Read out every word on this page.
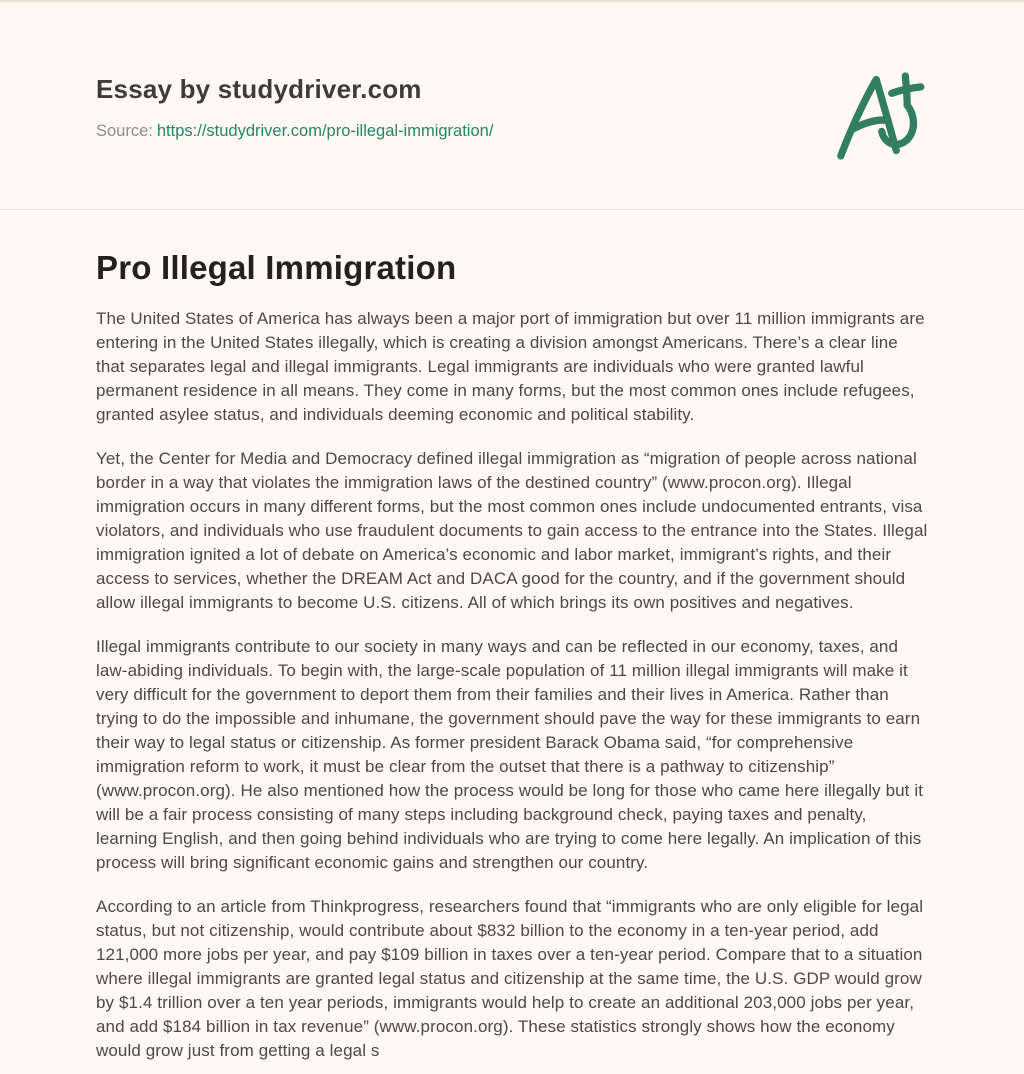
Essay by studydriver.com
Source: https://studydriver.com/pro-illegal-immigration/
Pro Illegal Immigration

The United States of America has always been a major port of immigration but over 11 million immigrants are entering in the United States illegally, which is creating a division amongst Americans. There’s a clear line that separates legal and illegal immigrants. Legal immigrants are individuals who were granted lawful permanent residence in all means. They come in many forms, but the most common ones include refugees, granted asylee status, and individuals deeming economic and political stability.

Yet, the Center for Media and Democracy defined illegal immigration as “migration of people across national border in a way that violates the immigration laws of the destined country” (www.procon.org). Illegal immigration occurs in many different forms, but the most common ones include undocumented entrants, visa violators, and individuals who use fraudulent documents to gain access to the entrance into the States. Illegal immigration ignited a lot of debate on America’s economic and labor market, immigrant’s rights, and their access to services, whether the DREAM Act and DACA good for the country, and if the government should allow illegal immigrants to become U.S. citizens. All of which brings its own positives and negatives.

Illegal immigrants contribute to our society in many ways and can be reflected in our economy, taxes, and law-abiding individuals. To begin with, the large-scale population of 11 million illegal immigrants will make it very difficult for the government to deport them from their families and their lives in America. Rather than trying to do the impossible and inhumane, the government should pave the way for these immigrants to earn their way to legal status or citizenship. As former president Barack Obama said, “for comprehensive immigration reform to work, it must be clear from the outset that there is a pathway to citizenship” (www.procon.org). He also mentioned how the process would be long for those who came here illegally but it will be a fair process consisting of many steps including background check, paying taxes and penalty, learning English, and then going behind individuals who are trying to come here legally. An implication of this process will bring significant economic gains and strengthen our country.

According to an article from Thinkprogress, researchers found that “immigrants who are only eligible for legal status, but not citizenship, would contribute about $832 billion to the economy in a ten-year period, add 121,000 more jobs per year, and pay $109 billion in taxes over a ten-year period. Compare that to a situation where illegal immigrants are granted legal status and citizenship at the same time, the U.S. GDP would grow by $1.4 trillion over a ten year periods, immigrants would help to create an additional 203,000 jobs per year, and add $184 billion in tax revenue” (www.procon.org). These statistics strongly shows how the economy would grow just from getting a legal s
